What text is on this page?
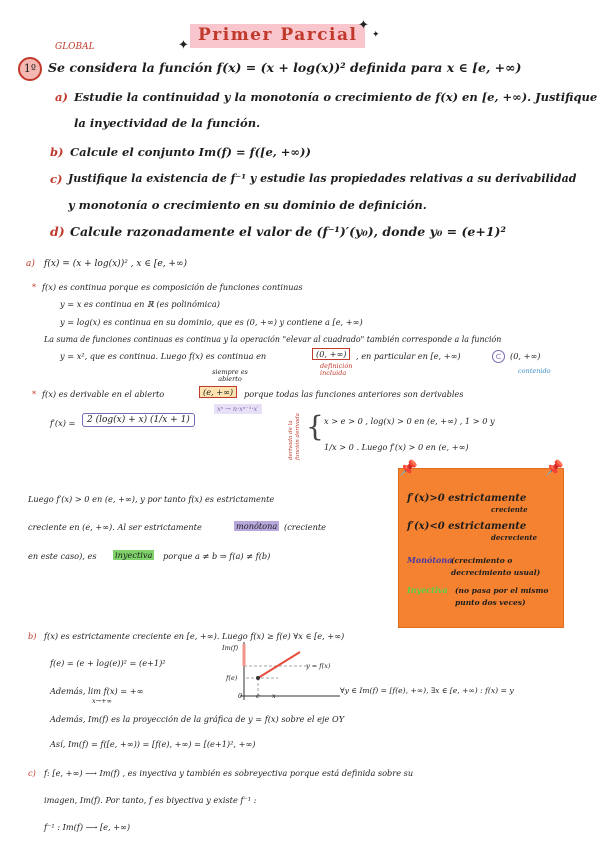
Primer Parcial
✦
✦
✦
GLOBAL
1º Se considera la función f(x) = (x + log(x))² definida para x ∈ [e, +∞)
a) Estudie la continuidad y la monotonía o crecimiento de f(x) en [e, +∞). Justifique
la inyectividad de la función.
b) Calcule el conjunto Im(f) = f([e, +∞))
c) Justifique la existencia de f⁻¹ y estudie las propiedades relativas a su derivabilidad
y monotonía o crecimiento en su dominio de definición.
d) Calcule razonadamente el valor de (f⁻¹)′(y₀), donde y₀ = (e+1)²
a) f(x) = (x + log(x))² , x ∈ [e, +∞)
* f(x) es continua porque es composición de funciones continuas
y = x es continua en ℝ (es polinómica)
y = log(x) es continua en su dominio, que es (0, +∞) y contiene a [e, +∞)
La suma de funciones continuas es continua y la operación "elevar al cuadrado" también corresponde a la función
y = x², que es continua. Luego f(x) es continua en	(0, +∞)	, en particular en [e, +∞)	⊂ (0, +∞)
definición incluida	contenido
siempre es abierto
* f(x) es derivable en el abierto	(e, +∞)	porque todas las funciones anteriores son derivables
xⁿ → n·xⁿ⁻¹·x′
f′(x) =	2 (log(x) + x) (1/x + 1)
derivada de la función derivada { x > e > 0 , log(x) > 0 en (e, +∞) , 1 > 0 y
1/x > 0 . Luego f′(x) > 0 en (e, +∞)
Luego f′(x) > 0 en (e, +∞), y por tanto f(x) es estrictamente
creciente en (e, +∞). Al ser estrictamente	monótona (creciente
en este caso), es inyectiva porque a ≠ b ⇒ f(a) ≠ f(b)
📌	📌
f′(x)>0 estrictamente
creciente
f′(x)<0 estrictamente
decreciente
Monótona
(crecimiento o decrecimiento usual)
Inyectiva (no pasa por el mismo punto dos veces)
b) f(x) es estrictamente creciente en [e, +∞). Luego f(x) ≥ f(e) ∀x ∈ [e, +∞)
f(e) = (e + log(e))² = (e+1)²
Además, lim f(x) = +∞
x→+∞
∀y ∈ Im(f) = [f(e), +∞), ∃x ∈ [e, +∞) : f(x) = y
Im(f)
y = f(x)
f(e)
0 e x
Además, Im(f) es la proyección de la gráfica de y = f(x) sobre el eje OY
Así, Im(f) = f([e, +∞)) = [f(e), +∞) = [(e+1)², +∞)
c) f: [e, +∞) ⟶ Im(f) , es inyectiva y también es sobreyectiva porque está definida sobre su
imagen, Im(f). Por tanto, f es biyectiva y existe f⁻¹ :
f⁻¹ : Im(f) ⟶ [e, +∞)
